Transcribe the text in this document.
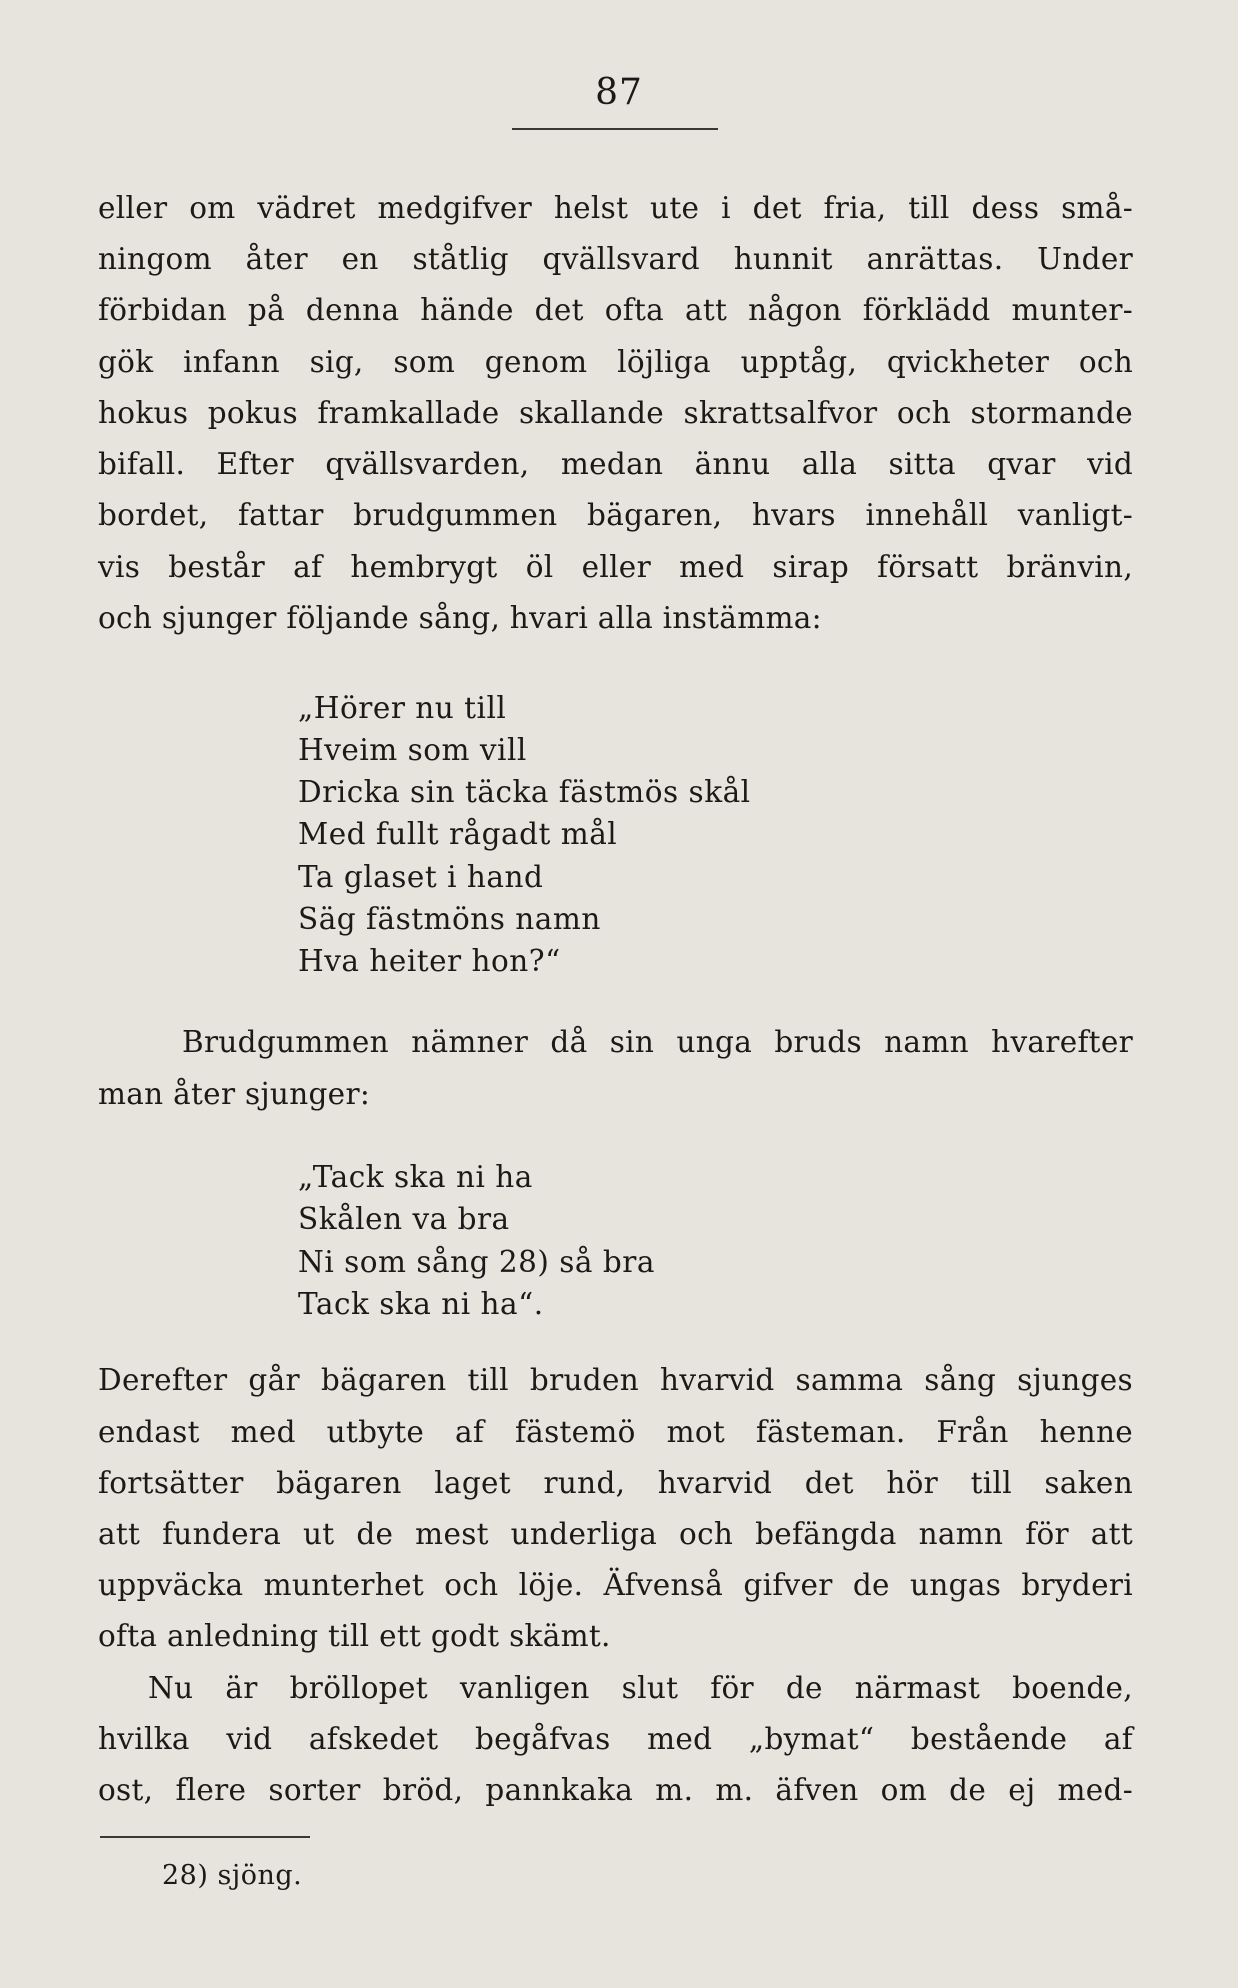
87
eller om vädret medgifver helst ute i det fria, till dess små-
ningom åter en ståtlig qvällsvard hunnit anrättas. Under
förbidan på denna hände det ofta att någon förklädd munter-
gök infann sig, som genom löjliga upptåg, qvickheter och
hokus pokus framkallade skallande skrattsalfvor och stormande
bifall. Efter qvällsvarden, medan ännu alla sitta qvar vid
bordet, fattar brudgummen bägaren, hvars innehåll vanligt-
vis består af hembrygt öl eller med sirap försatt bränvin,
och sjunger följande sång, hvari alla instämma:
„Hörer nu till
Hveim som vill
Dricka sin täcka fästmös skål
Med fullt rågadt mål
Ta glaset i hand
Säg fästmöns namn
Hva heiter hon?“
Brudgummen nämner då sin unga bruds namn hvarefter
man åter sjunger:
„Tack ska ni ha
Skålen va bra
Ni som sång 28) så bra
Tack ska ni ha“.
Derefter går bägaren till bruden hvarvid samma sång sjunges
endast med utbyte af fästemö mot fästeman. Från henne
fortsätter bägaren laget rund, hvarvid det hör till saken
att fundera ut de mest underliga och befängda namn för att
uppväcka munterhet och löje. Äfvenså gifver de ungas bryderi
ofta anledning till ett godt skämt.
Nu är bröllopet vanligen slut för de närmast boende,
hvilka vid afskedet begåfvas med „bymat“ bestående af
ost, flere sorter bröd, pannkaka m. m. äfven om de ej med-
28) sjöng.
